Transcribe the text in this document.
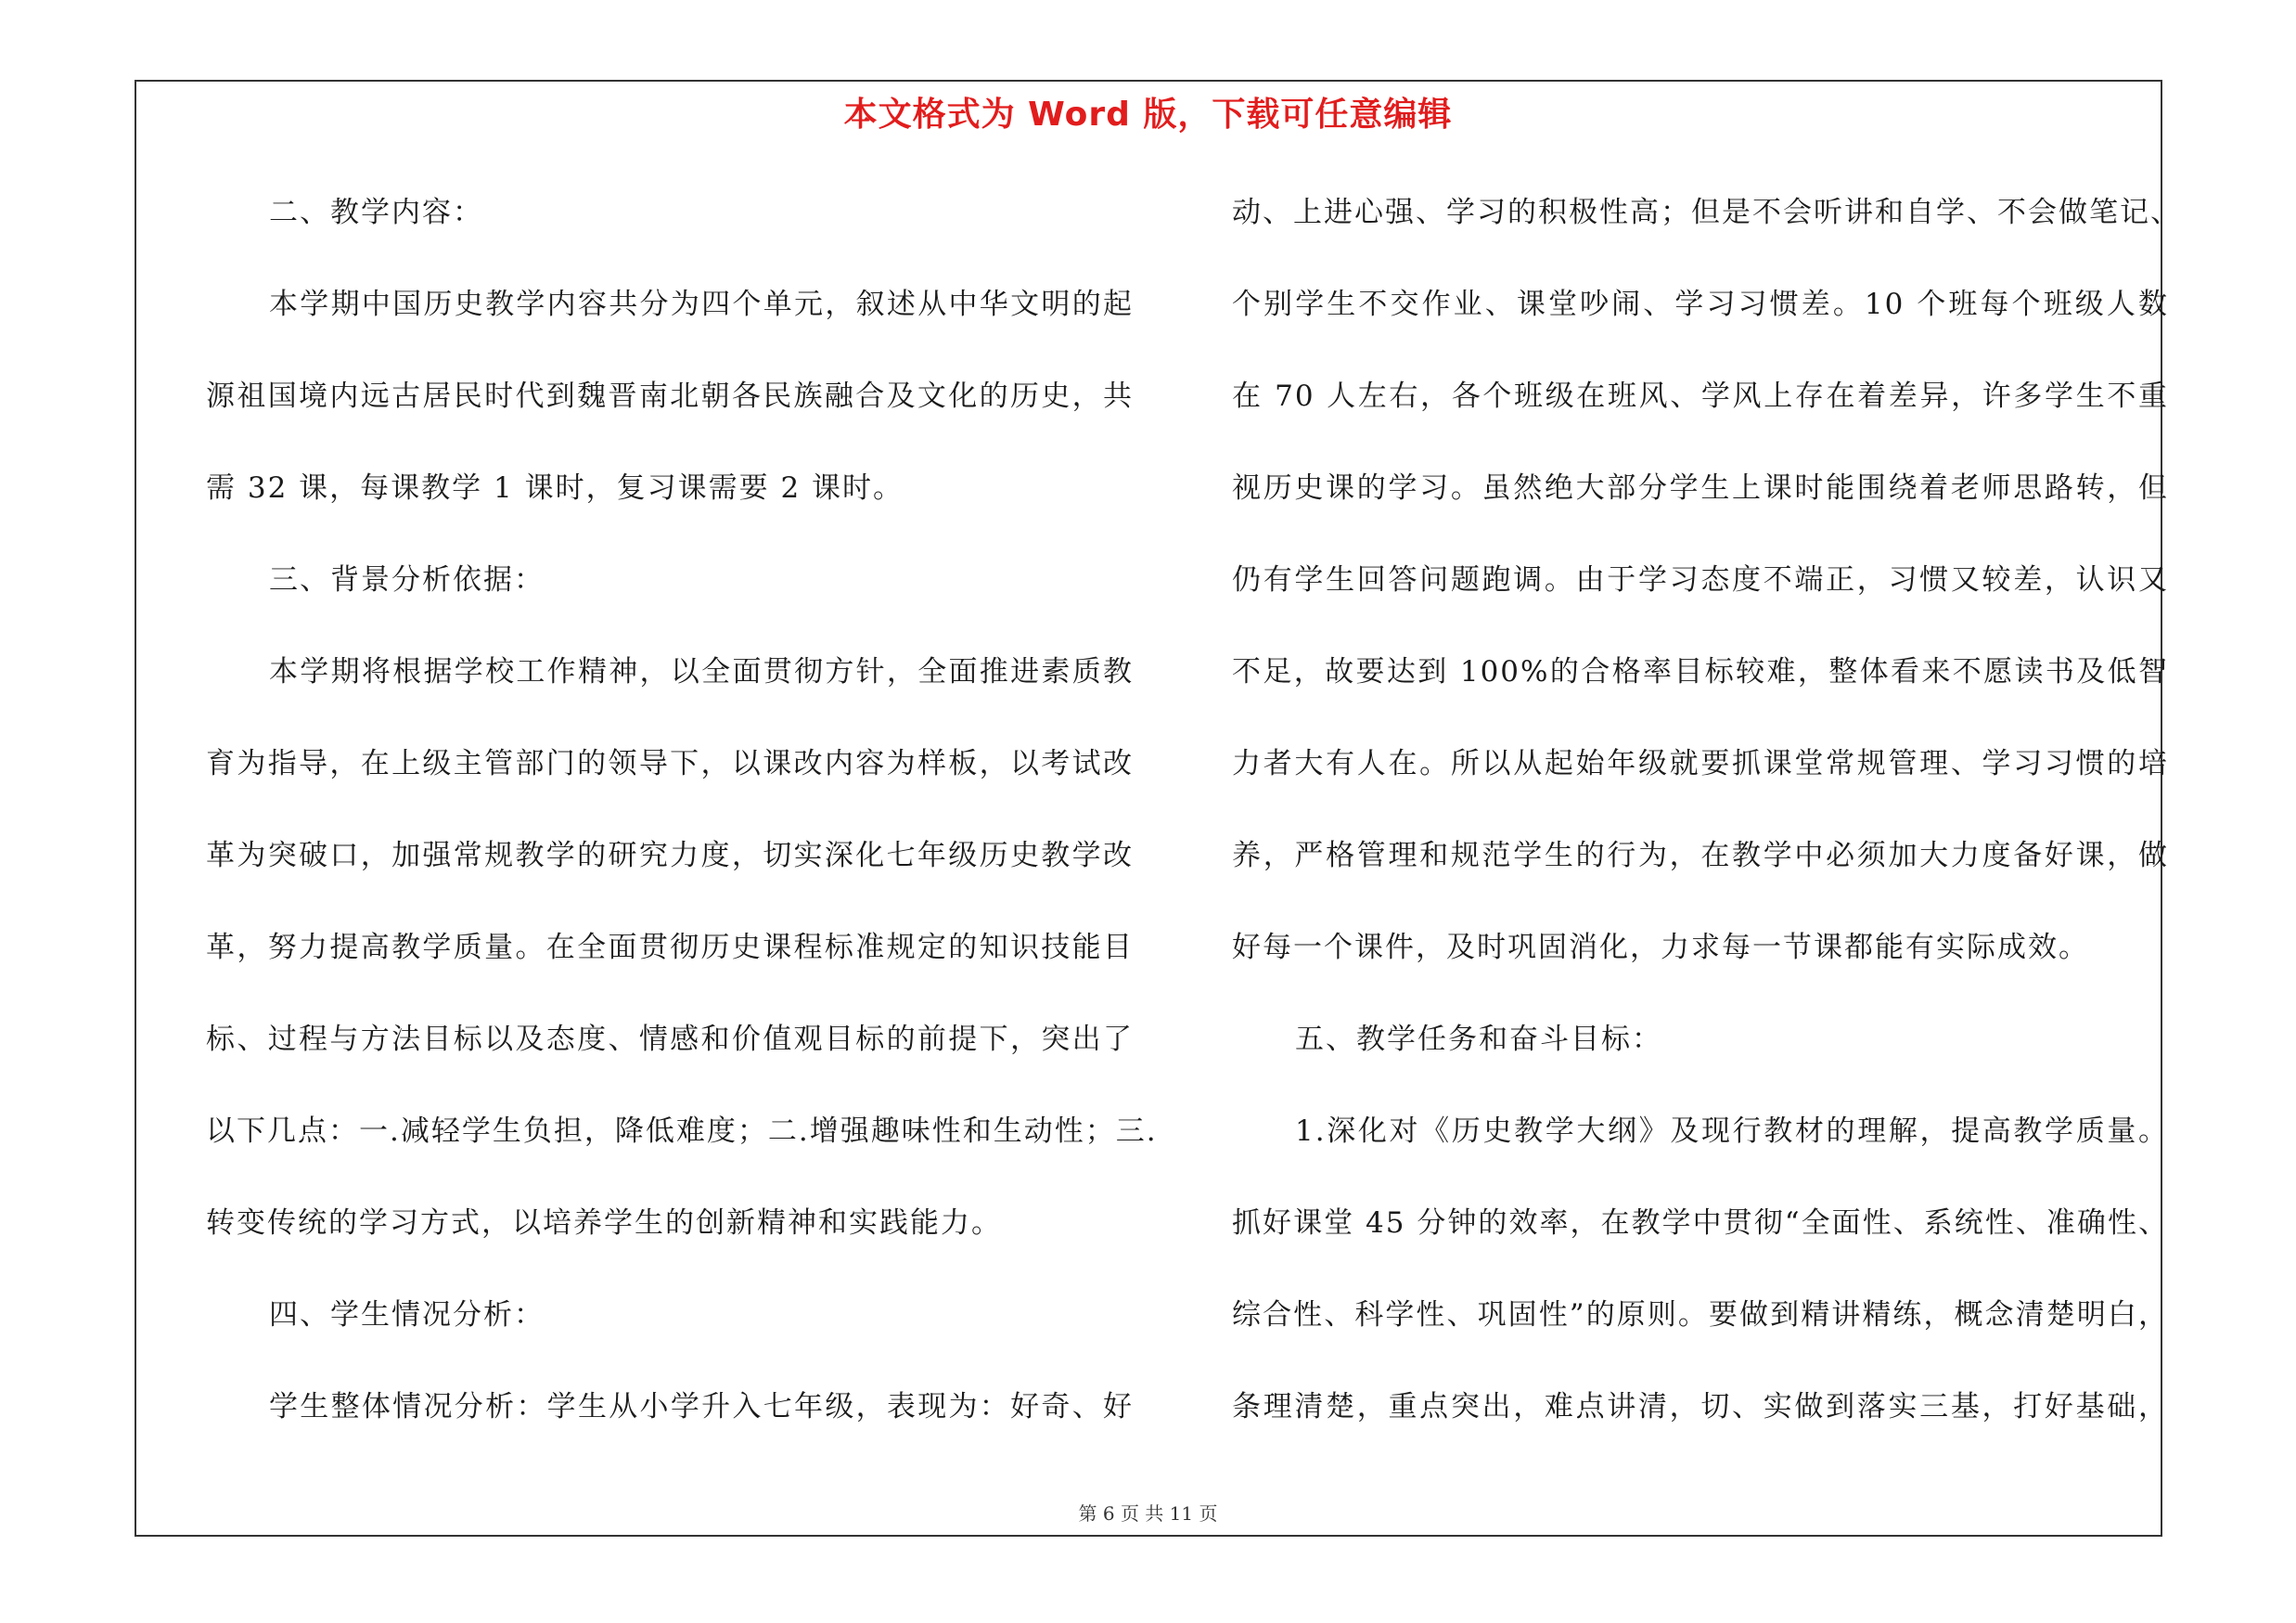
本文格式为 Word 版，下载可任意编辑
二、教学内容：
本学期中国历史教学内容共分为四个单元，叙述从中华文明的起
源祖国境内远古居民时代到魏晋南北朝各民族融合及文化的历史，共
需 32 课，每课教学 1 课时，复习课需要 2 课时。
三、背景分析依据：
本学期将根据学校工作精神，以全面贯彻方针，全面推进素质教
育为指导，在上级主管部门的领导下，以课改内容为样板，以考试改
革为突破口，加强常规教学的研究力度，切实深化七年级历史教学改
革，努力提高教学质量。在全面贯彻历史课程标准规定的知识技能目
标、过程与方法目标以及态度、情感和价值观目标的前提下，突出了
以下几点：一.减轻学生负担，降低难度；二.增强趣味性和生动性；三.
转变传统的学习方式，以培养学生的创新精神和实践能力。
四、学生情况分析：
学生整体情况分析：学生从小学升入七年级，表现为：好奇、好
动、上进心强、学习的积极性高；但是不会听讲和自学、不会做笔记、
个别学生不交作业、课堂吵闹、学习习惯差。10 个班每个班级人数
在 70 人左右，各个班级在班风、学风上存在着差异，许多学生不重
视历史课的学习。虽然绝大部分学生上课时能围绕着老师思路转，但
仍有学生回答问题跑调。由于学习态度不端正，习惯又较差，认识又
不足，故要达到 100%的合格率目标较难，整体看来不愿读书及低智
力者大有人在。所以从起始年级就要抓课堂常规管理、学习习惯的培
养，严格管理和规范学生的行为，在教学中必须加大力度备好课，做
好每一个课件，及时巩固消化，力求每一节课都能有实际成效。
五、教学任务和奋斗目标：
1.深化对《历史教学大纲》及现行教材的理解，提高教学质量。
抓好课堂 45 分钟的效率，在教学中贯彻“全面性、系统性、准确性、
综合性、科学性、巩固性”的原则。要做到精讲精练，概念清楚明白，
条理清楚，重点突出，难点讲清，切、实做到落实三基，打好基础，
第 6 页 共 11 页
